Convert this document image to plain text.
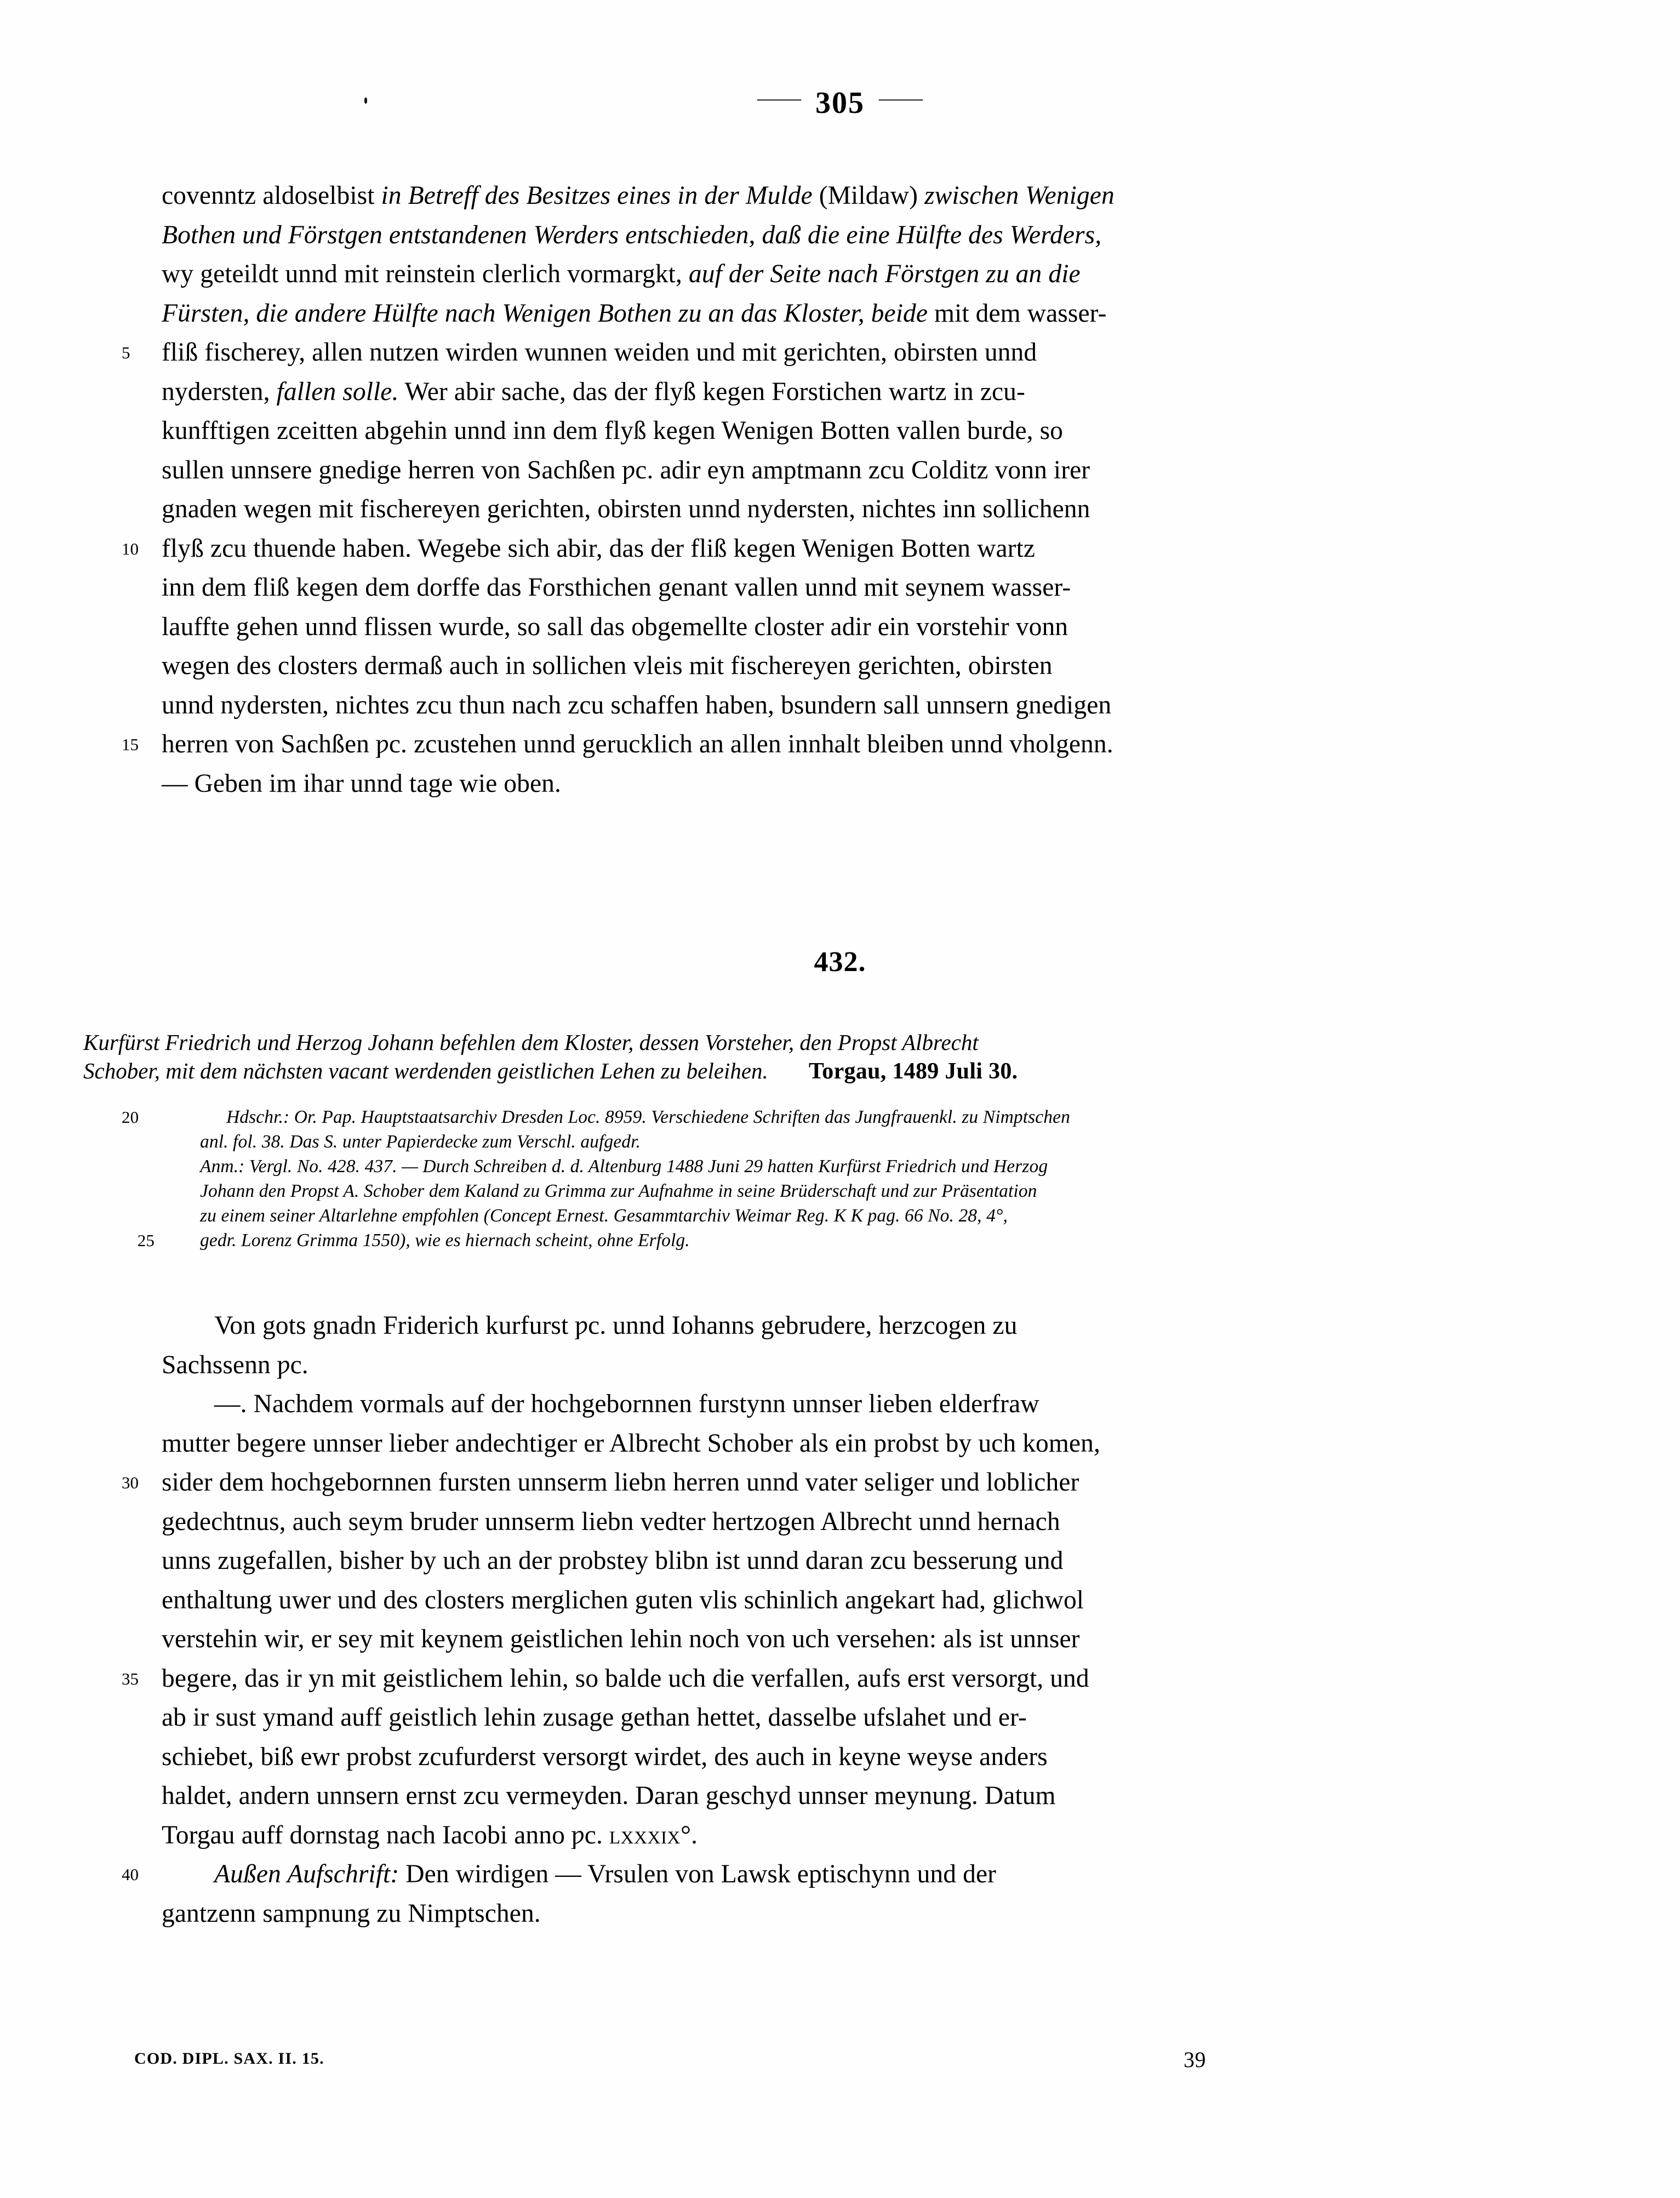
—— 305 ——
covenntz aldoselbist in Betreff des Besitzes eines in der Mulde (Mildaw) zwischen Wenigen
Bothen und Förstgen entstandenen Werders entschieden, daß die eine Hülfte des Werders,
wy geteildt unnd mit reinstein clerlich vormargkt, auf der Seite nach Förstgen zu an die
Fürsten, die andere Hülfte nach Wenigen Bothen zu an das Kloster, beide mit dem wasser-
5	fliß fischerey, allen nutzen wirden wunnen weiden und mit gerichten, obirsten unnd
nydersten, fallen solle. Wer abir sache, das der flyß kegen Forstichen wartz in zcu-
kunfftigen zceitten abgehin unnd inn dem flyß kegen Wenigen Botten vallen burde, so
sullen unnsere gnedige herren von Sachßen ƿc. adir eyn amptmann zcu Colditz vonn irer
gnaden wegen mit fischereyen gerichten, obirsten unnd nydersten, nichtes inn sollichenn
10 flyß zcu thuende haben. Wegebe sich abir, das der fliß kegen Wenigen Botten wartz
inn dem fliß kegen dem dorffe das Forsthichen genant vallen unnd mit seynem wasser-
lauffte gehen unnd flissen wurde, so sall das obgemellte closter adir ein vorstehir vonn
wegen des closters dermaß auch in sollichen vleis mit fischereyen gerichten, obirsten
unnd nydersten, nichtes zcu thun nach zcu schaffen haben, bsundern sall unnsern gnedigen
15 herren von Sachßen ƿc. zcustehen unnd gerucklich an allen innhalt bleiben unnd vholgenn.
— Geben im ihar unnd tage wie oben.
432.
Kurfürst Friedrich und Herzog Johann befehlen dem Kloster, dessen Vorsteher, den Propst Albrecht
Schober, mit dem nächsten vacant werdenden geistlichen Lehen zu beleihen. Torgau, 1489 Juli 30.
20	Hdschr.: Or. Pap. Hauptstaatsarchiv Dresden Loc. 8959. Verschiedene Schriften das Jungfrauenkl. zu Nimptschen
anl. fol. 38. Das S. unter Papierdecke zum Verschl. aufgedr.
Anm.: Vergl. No. 428. 437. — Durch Schreiben d. d. Altenburg 1488 Juni 29 hatten Kurfürst Friedrich und Herzog
Johann den Propst A. Schober dem Kaland zu Grimma zur Aufnahme in seine Brüderschaft und zur Präsentation
zu einem seiner Altarlehne empfohlen (Concept Ernest. Gesammtarchiv Weimar Reg. K K pag. 66 No. 28, 4°,
25 gedr. Lorenz Grimma 1550), wie es hiernach scheint, ohne Erfolg.
Von gots gnadn Friderich kurfurst ƿc. unnd Iohanns gebrudere, herzcogen zu
Sachssenn ƿc.
—. Nachdem vormals auf der hochgebornnen furstynn unnser lieben elderfraw
mutter begere unnser lieber andechtiger er Albrecht Schober als ein probst by uch komen,
30 sider dem hochgebornnen fursten unnserm liebn herren unnd vater seliger und loblicher
gedechtnus, auch seym bruder unnserm liebn vedter hertzogen Albrecht unnd hernach
unns zugefallen, bisher by uch an der probstey blibn ist unnd daran zcu besserung und
enthaltung uwer und des closters merglichen guten vlis schinlich angekart had, glichwol
verstehin wir, er sey mit keynem geistlichen lehin noch von uch versehen: als ist unnser
35 begere, das ir yn mit geistlichem lehin, so balde uch die verfallen, aufs erst versorgt, und
ab ir sust ymand auff geistlich lehin zusage gethan hettet, dasselbe ufslahet und er-
schiebet, biß ewr probst zcufurderst versorgt wirdet, des auch in keyne weyse anders
haldet, andern unnsern ernst zcu vermeyden. Daran geschyd unnser meynung. Datum
Torgau auff dornstag nach Iacobi anno ƿc. lxxxix°.
40	Außen Aufschrift: Den wirdigen — Vrsulen von Lawsk eptischynn und der
gantzenn sampnung zu Nimptschen.
COD. DIPL. SAX. II. 15.	39
